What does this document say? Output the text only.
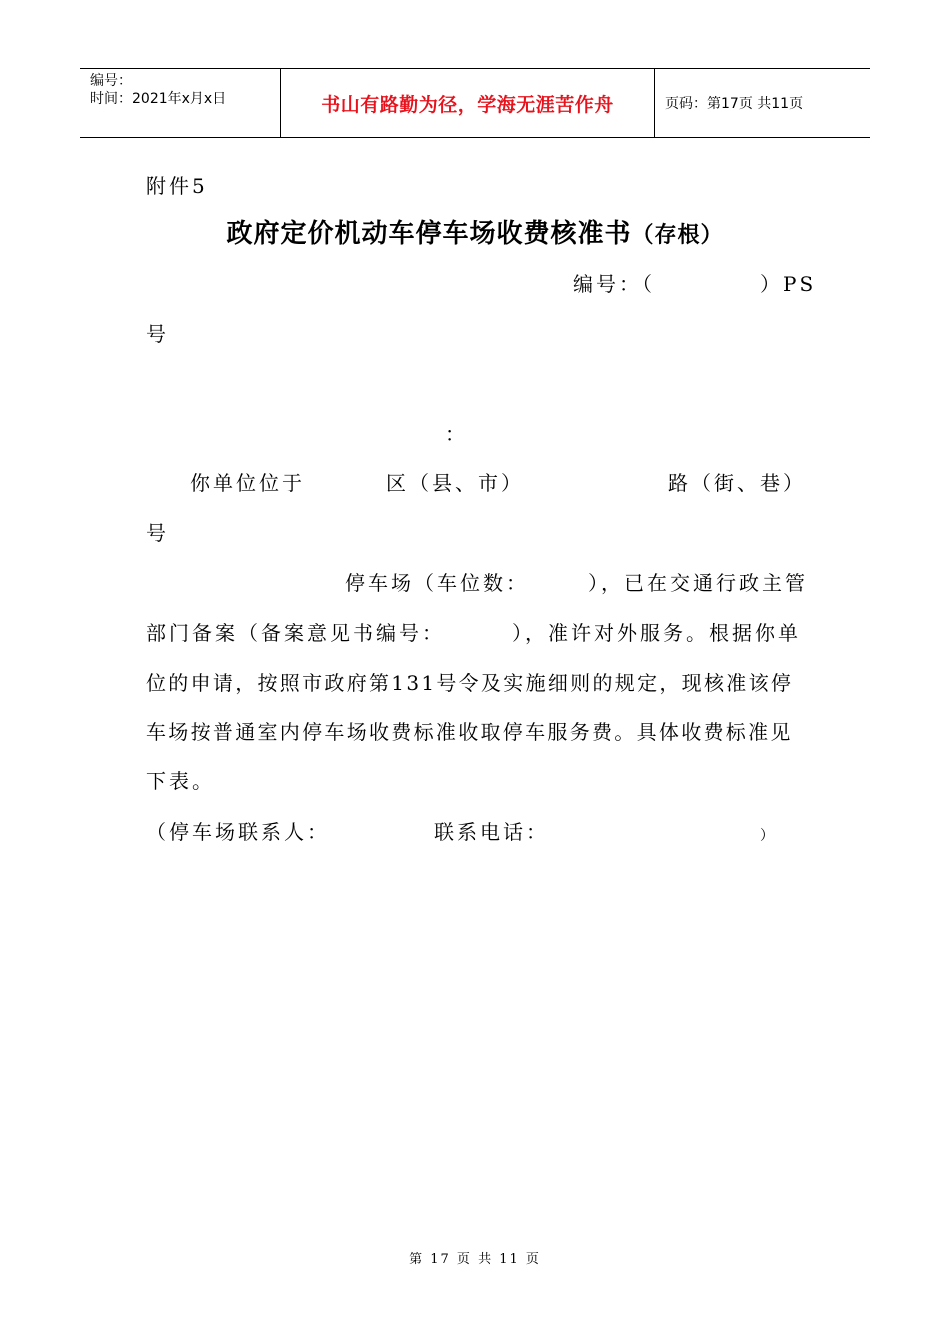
编号：
时间：2021年x月x日	书山有路勤为径，学海无涯苦作舟	页码：第17页 共11页
附件5
政府定价机动车停车场收费核准书（存根）
编号：（	）PS
号
：
你单位位于	区（县、市）	路（街、巷）
号
停车场（车位数：	），已在交通行政主管
部门备案（备案意见书编号：	），准许对外服务。根据你单
位的申请，按照市政府第131号令及实施细则的规定，现核准该停
车场按普通室内停车场收费标准收取停车服务费。具体收费标准见
下表。
（停车场联系人：	联系电话：	）
第 17 页 共 11 页
